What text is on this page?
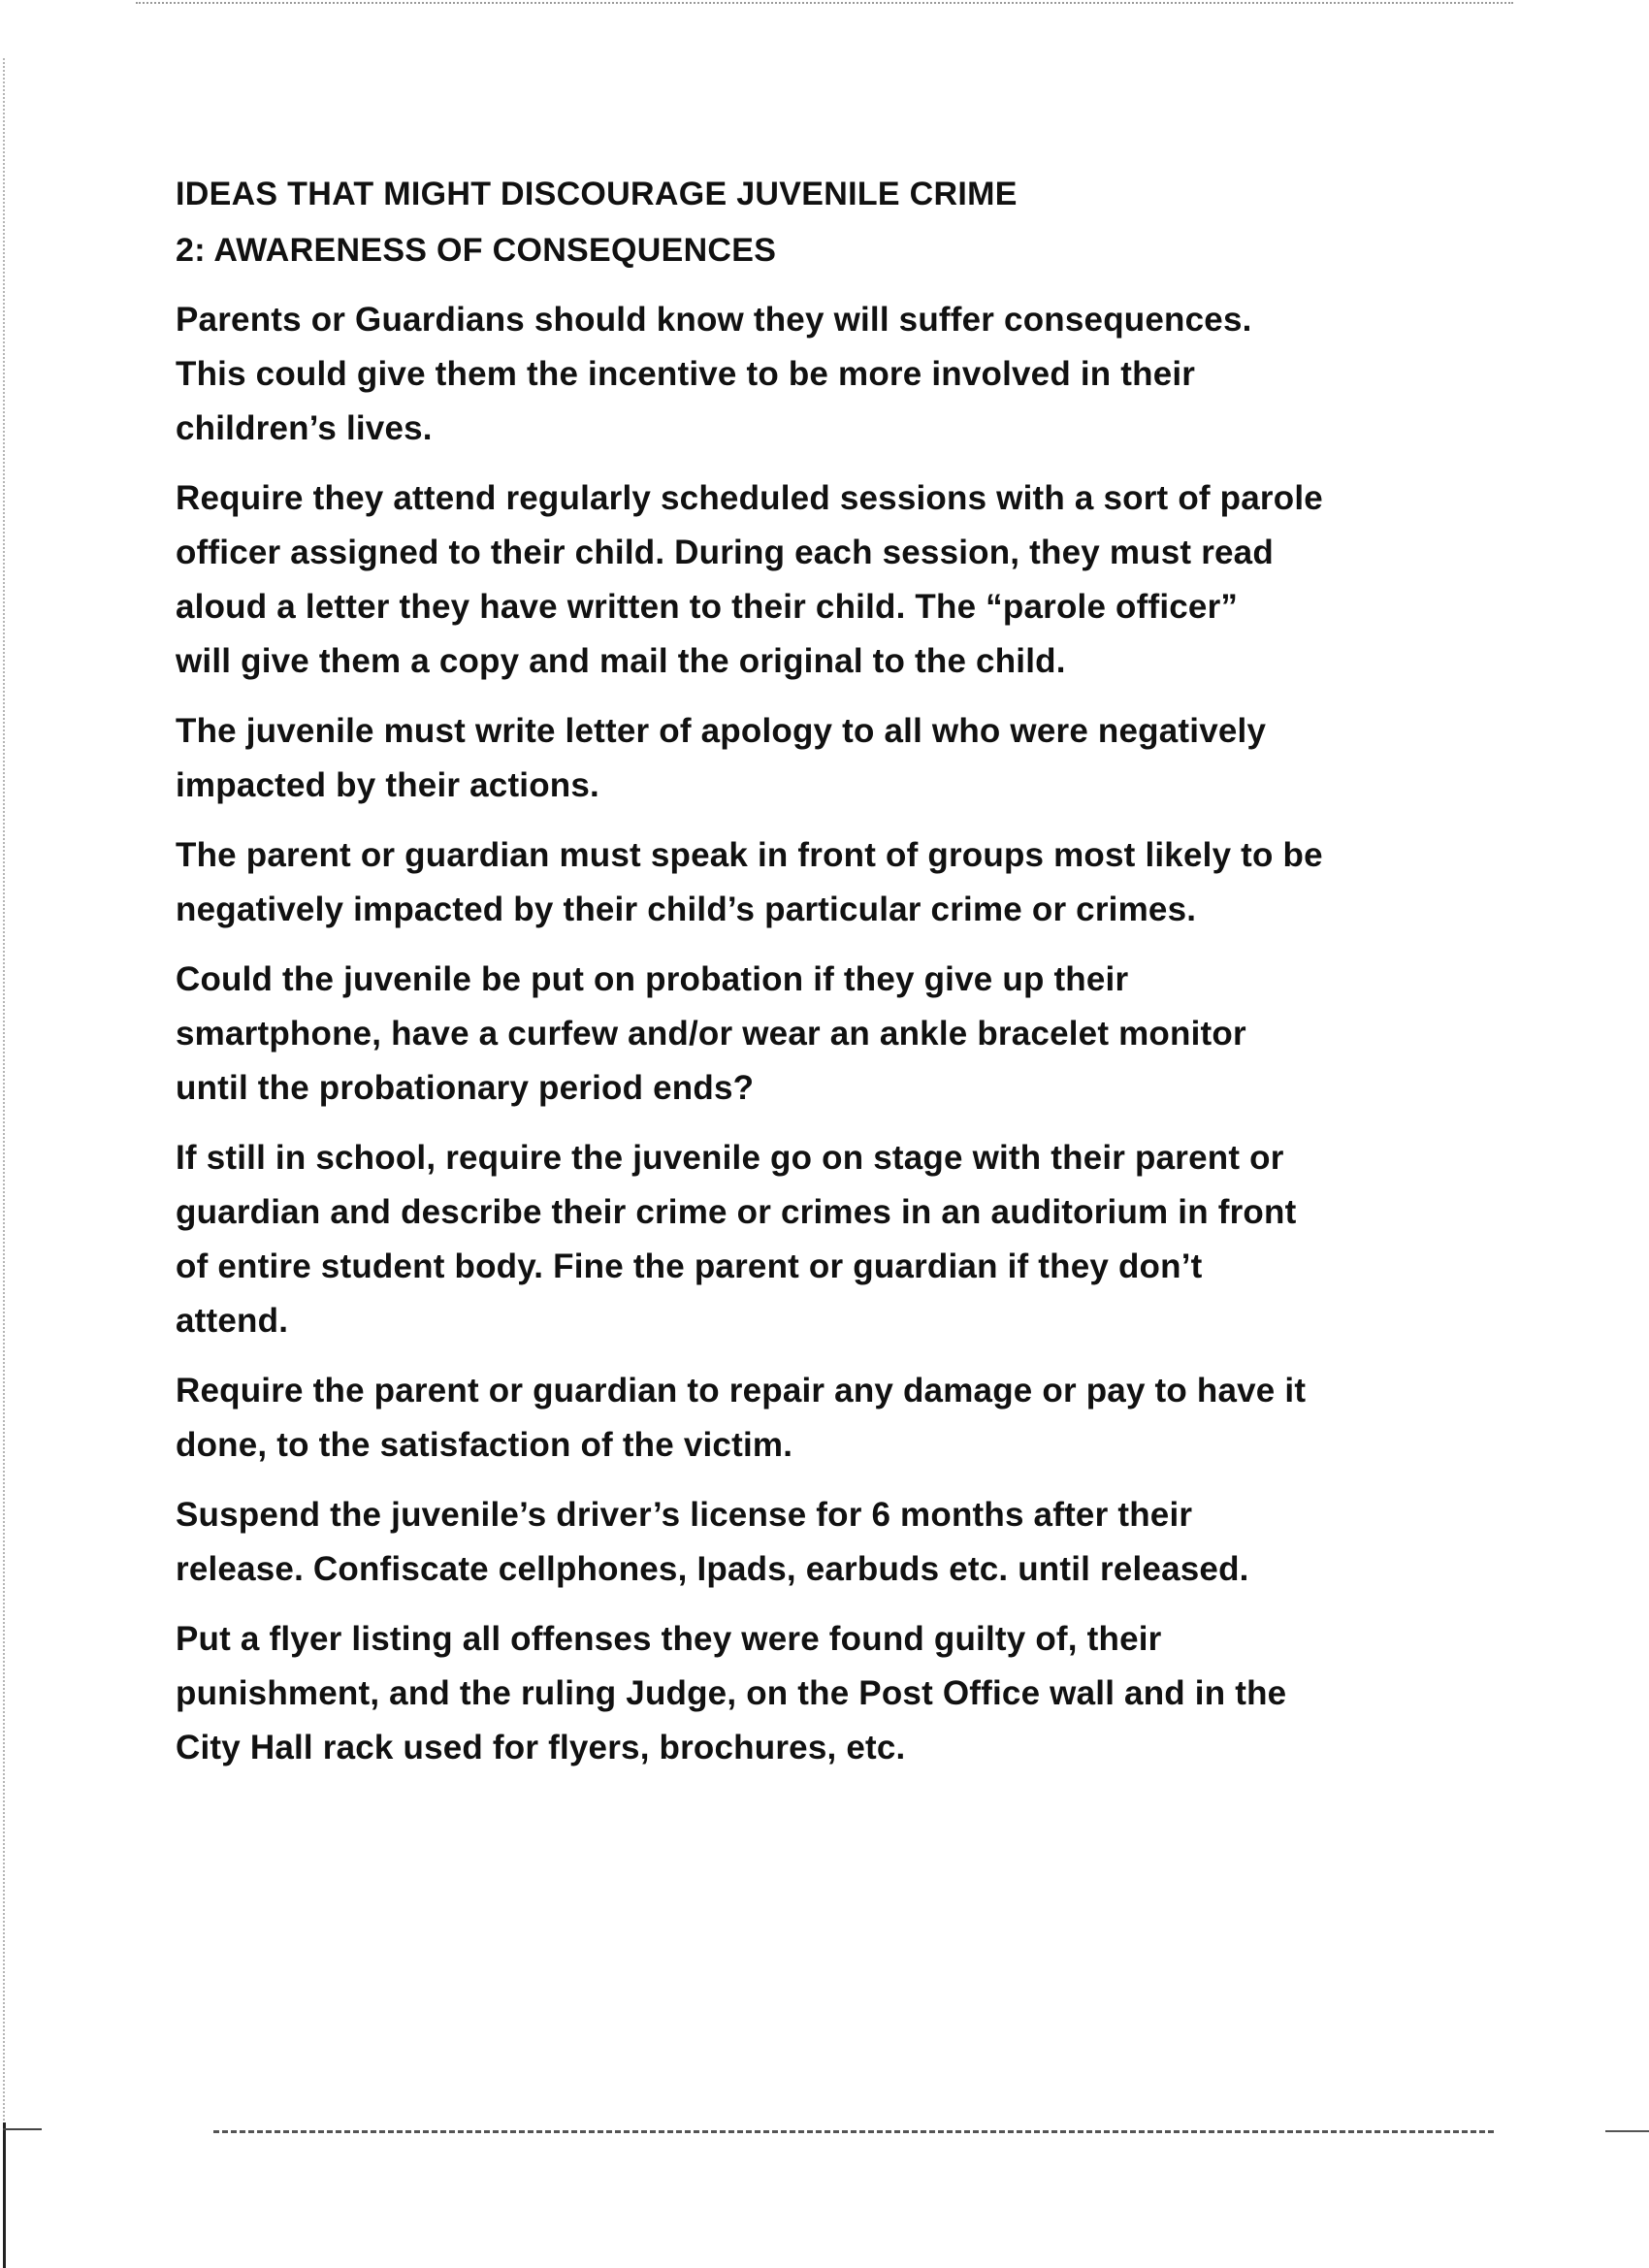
IDEAS THAT MIGHT DISCOURAGE JUVENILE CRIME
2: AWARENESS OF CONSEQUENCES

Parents or Guardians should know they will suffer consequences.
This could give them the incentive to be more involved in their
children’s lives.

Require they attend regularly scheduled sessions with a sort of parole
officer assigned to their child. During each session, they must read
aloud a letter they have written to their child. The “parole officer”
will give them a copy and mail the original to the child.

The juvenile must write letter of apology to all who were negatively
impacted by their actions.

The parent or guardian must speak in front of groups most likely to be
negatively impacted by their child’s particular crime or crimes.

Could the juvenile be put on probation if they give up their
smartphone, have a curfew and/or wear an ankle bracelet monitor
until the probationary period ends?

If still in school, require the juvenile go on stage with their parent or
guardian and describe their crime or crimes in an auditorium in front
of entire student body. Fine the parent or guardian if they don’t
attend.

Require the parent or guardian to repair any damage or pay to have it
done, to the satisfaction of the victim.

Suspend the juvenile’s driver’s license for 6 months after their
release. Confiscate cellphones, Ipads, earbuds etc. until released.

Put a flyer listing all offenses they were found guilty of, their
punishment, and the ruling Judge, on the Post Office wall and in the
City Hall rack used for flyers, brochures, etc.
